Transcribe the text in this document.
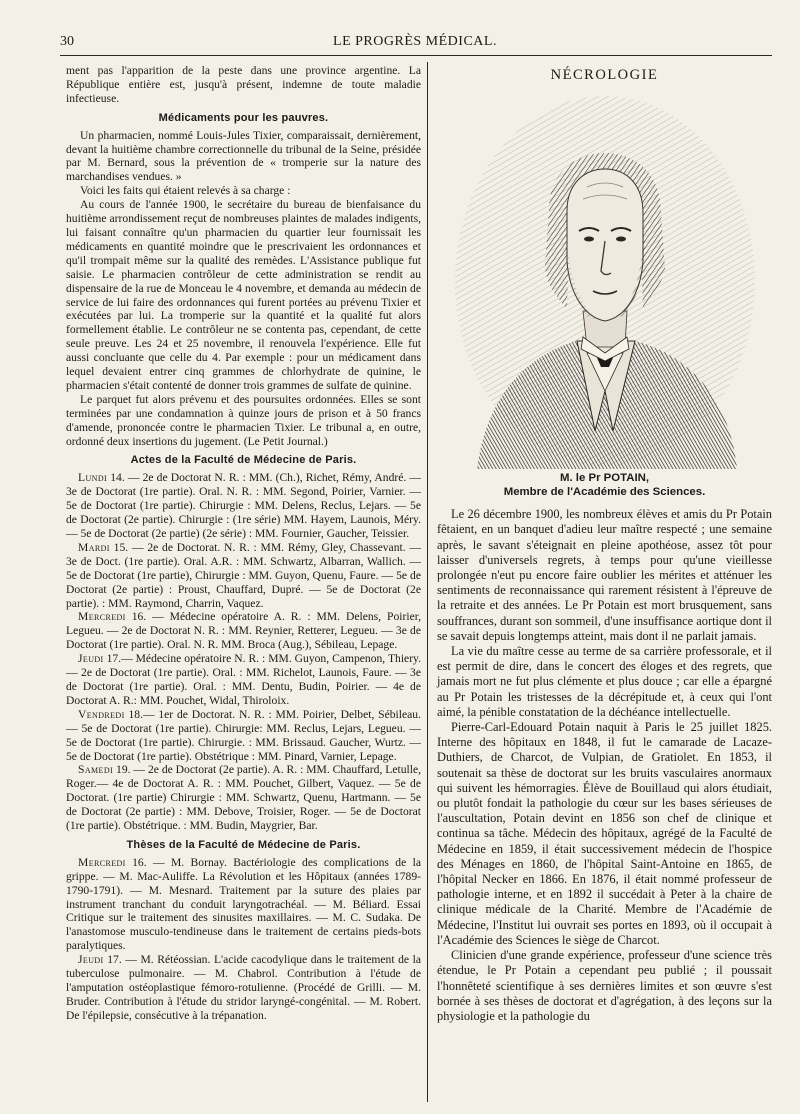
30	LE PROGRÈS MÉDICAL.

ment pas l'apparition de la peste dans une province argentine. La République entière est, jusqu'à présent, indemne de toute maladie infectieuse.

Médicaments pour les pauvres.

Un pharmacien, nommé Louis-Jules Tixier, comparaissait, dernièrement, devant la huitième chambre correctionnelle du tribunal de la Seine, présidée par M. Bernard, sous la prévention de « tromperie sur la nature des marchandises vendues. »

Voici les faits qui étaient relevés à sa charge :

Au cours de l'année 1900, le secrétaire du bureau de bienfaisance du huitième arrondissement reçut de nombreuses plaintes de malades indigents, lui faisant connaître qu'un pharmacien du quartier leur fournissait les médicaments en quantité moindre que le prescrivaient les ordonnances et qu'il trompait même sur la qualité des remèdes. L'Assistance publique fut saisie. Le pharmacien contrôleur de cette administration se rendit au dispensaire de la rue de Monceau le 4 novembre, et demanda au médecin de service de lui faire des ordonnances qui furent portées au prévenu Tixier et exécutées par lui. La tromperie sur la quantité et la qualité fut alors formellement établie. Le contrôleur ne se contenta pas, cependant, de cette seule preuve. Les 24 et 25 novembre, il renouvela l'expérience. Elle fut aussi concluante que celle du 4. Par exemple : pour un médicament dans lequel devaient entrer cinq grammes de chlorhydrate de quinine, le pharmacien s'était contenté de donner trois grammes de sulfate de quinine.

Le parquet fut alors prévenu et des poursuites ordonnées. Elles se sont terminées par une condamnation à quinze jours de prison et à 50 francs d'amende, prononcée contre le pharmacien Tixier. Le tribunal a, en outre, ordonné deux insertions du jugement. (Le Petit Journal.)

Actes de la Faculté de Médecine de Paris.

Lundi 14. — 2e de Doctorat N. R. : MM. (Ch.), Richet, Rémy, André. — 3e de Doctorat (1re partie). Oral. N. R. : MM. Segond, Poirier, Varnier. — 5e de Doctorat (1re partie). Chirurgie : MM. Delens, Reclus, Lejars. — 5e de Doctorat (2e partie). Chirurgie : (1re série) MM. Hayem, Launois, Méry. — 5e de Doctorat (2e partie) (2e série) : MM. Fournier, Gaucher, Teissier.

Mardi 15. — 2e de Doctorat. N. R. : MM. Rémy, Gley, Chassevant. — 3e de Doct. (1re partie). Oral. A.R. : MM. Schwartz, Albarran, Wallich. — 5e de Doctorat (1re partie), Chirurgie : MM. Guyon, Quenu, Faure. — 5e de Doctorat (2e partie) : Proust, Chauffard, Dupré. — 5e de Doctorat (2e partie). : MM. Raymond, Charrin, Vaquez.

Mercredi 16. — Médecine opératoire A. R. : MM. Delens, Poirier, Legueu. — 2e de Doctorat N. R. : MM. Reynier, Retterer, Legueu. — 3e de Doctorat (1re partie). Oral. N. R. MM. Broca (Aug.), Sébileau, Lepage.

Jeudi 17.— Médecine opératoire N. R. : MM. Guyon, Campenon, Thiery. — 2e de Doctorat (1re partie). Oral. : MM. Richelot, Launois, Faure. — 3e de Doctorat (1re partie). Oral. : MM. Dentu, Budin, Poirier. — 4e de Doctorat A. R.: MM. Pouchet, Widal, Thiroloix.

Vendredi 18.— 1er de Doctorat. N. R. : MM. Poirier, Delbet, Sébileau. — 5e de Doctorat (1re partie). Chirurgie: MM. Reclus, Lejars, Legueu. — 5e de Doctorat (1re partie). Chirurgie. : MM. Brissaud. Gaucher, Wurtz. — 5e de Doctorat (1re partie). Obstétrique : MM. Pinard, Varnier, Lepage.

Samedi 19. — 2e de Doctorat (2e partie). A. R. : MM. Chauffard, Letulle, Roger.— 4e de Doctorat A. R. : MM. Pouchet, Gilbert, Vaquez. — 5e de Doctorat. (1re partie) Chirurgie : MM. Schwartz, Quenu, Hartmann. — 5e de Doctorat (2e partie) : MM. Debove, Troisier, Roger. — 5e de Doctorat (1re partie). Obstétrique. : MM. Budin, Maygrier, Bar.

Thèses de la Faculté de Médecine de Paris.

Mercredi 16. — M. Bornay. Bactériologie des complications de la grippe. — M. Mac-Auliffe. La Révolution et les Hôpitaux (années 1789-1790-1791). — M. Mesnard. Traitement par la suture des plaies par instrument tranchant du conduit laryngotrachéal. — M. Béliard. Essai Critique sur le traitement des sinusites maxillaires. — M. C. Sudaka. De l'anastomose musculo-tendineuse dans le traitement de certains pieds-bots paralytiques.

Jeudi 17. — M. Rétéossian. L'acide cacodylique dans le traitement de la tuberculose pulmonaire. — M. Chabrol. Contribution à l'étude de l'amputation ostéoplastique fémoro-rotulienne. (Procédé de Grilli. — M. Bruder. Contribution à l'étude du stridor laryngé-congénital. — M. Robert. De l'épilepsie, consécutive à la trépanation.

NÉCROLOGIE
M. le Pr POTAIN,
Membre de l'Académie des Sciences.

Le 26 décembre 1900, les nombreux élèves et amis du Pr Potain fêtaient, en un banquet d'adieu leur maître respecté ; une semaine après, le savant s'éteignait en pleine apothéose, assez tôt pour laisser d'universels regrets, à temps pour qu'une vieillesse prolongée n'eut pu encore faire oublier les mérites et atténuer les sentiments de reconnaissance qui rarement résistent à l'épreuve de la retraite et des années. Le Pr Potain est mort brusquement, sans souffrances, durant son sommeil, d'une insuffisance aortique dont il se savait depuis longtemps atteint, mais dont il ne parlait jamais.

La vie du maître cesse au terme de sa carrière professorale, et il est permit de dire, dans le concert des éloges et des regrets, que jamais mort ne fut plus clémente et plus douce ; car elle a épargné au Pr Potain les tristesses de la décrépitude et, à ceux qui l'ont aimé, la pénible constatation de la déchéance intellectuelle.

Pierre-Carl-Edouard Potain naquit à Paris le 25 juillet 1825. Interne des hôpitaux en 1848, il fut le camarade de Lacaze-Duthiers, de Charcot, de Vulpian, de Gratiolet. En 1853, il soutenait sa thèse de doctorat sur les bruits vasculaires anormaux qui suivent les hémorragies. Élève de Bouillaud qui alors étudiait, ou plutôt fondait la pathologie du cœur sur les bases sérieuses de l'auscultation, Potain devint en 1856 son chef de clinique et continua sa tâche. Médecin des hôpitaux, agrégé de la Faculté de Médecine en 1859, il était successivement médecin de l'hospice des Ménages en 1860, de l'hôpital Saint-Antoine en 1865, de l'hôpital Necker en 1866. En 1876, il était nommé professeur de pathologie interne, et en 1892 il succédait à Peter à la chaire de clinique médicale de la Charité. Membre de l'Académie de Médecine, l'Institut lui ouvrait ses portes en 1893, où il occupait à l'Académie des Sciences le siège de Charcot.

Clinicien d'une grande expérience, professeur d'une science très étendue, le Pr Potain a cependant peu publié ; il poussait l'honnêteté scientifique à ses dernières limites et son œuvre s'est bornée à ses thèses de doctorat et d'agrégation, à des leçons sur la physiologie et la pathologie du
